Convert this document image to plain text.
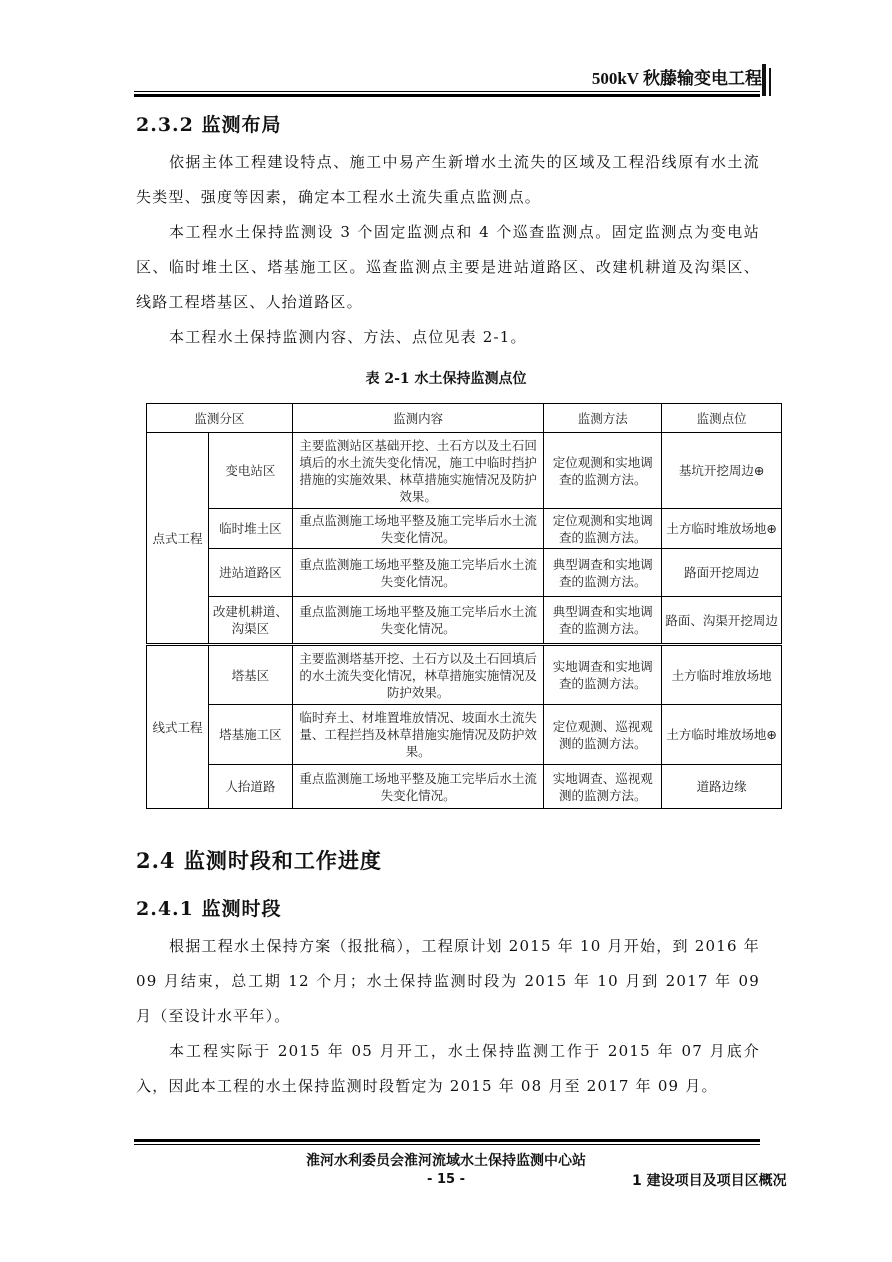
500kV 秋藤输变电工程
2.3.2 监测布局

依据主体工程建设特点、施工中易产生新增水土流失的区域及工程沿线原有水土流失类型、强度等因素，确定本工程水土流失重点监测点。

本工程水土保持监测设 3 个固定监测点和 4 个巡查监测点。固定监测点为变电站区、临时堆土区、塔基施工区。巡查监测点主要是进站道路区、改建机耕道及沟渠区、线路工程塔基区、人抬道路区。

本工程水土保持监测内容、方法、点位见表 2-1。

表 2-1 水土保持监测点位
监测分区		监测内容	监测方法	监测点位
点式工程	变电站区	主要监测站区基础开挖、土石方以及土石回填后的水土流失变化情况，施工中临时挡护措施的实施效果、林草措施实施情况及防护效果。	定位观测和实地调查的监测方法。	基坑开挖周边⊕
	临时堆土区	重点监测施工场地平整及施工完毕后水土流失变化情况。	定位观测和实地调查的监测方法。	土方临时堆放场地⊕
	进站道路区	重点监测施工场地平整及施工完毕后水土流失变化情况。	典型调查和实地调查的监测方法。	路面开挖周边
	改建机耕道、沟渠区	重点监测施工场地平整及施工完毕后水土流失变化情况。	典型调查和实地调查的监测方法。	路面、沟渠开挖周边
线式工程	塔基区	主要监测塔基开挖、土石方以及土石回填后的水土流失变化情况，林草措施实施情况及防护效果。	实地调查和实地调查的监测方法。	土方临时堆放场地
	塔基施工区	临时弃土、材堆置堆放情况、坡面水土流失量、工程拦挡及林草措施实施情况及防护效果。	定位观测、巡视观测的监测方法。	土方临时堆放场地⊕
	人抬道路	重点监测施工场地平整及施工完毕后水土流失变化情况。	实地调查、巡视观测的监测方法。	道路边缘
2.4 监测时段和工作进度
2.4.1 监测时段

根据工程水土保持方案（报批稿），工程原计划 2015 年 10 月开始，到 2016 年 09 月结束，总工期 12 个月；水土保持监测时段为 2015 年 10 月到 2017 年 09 月（至设计水平年）。

本工程实际于 2015 年 05 月开工，水土保持监测工作于 2015 年 07 月底介入，因此本工程的水土保持监测时段暂定为 2015 年 08 月至 2017 年 09 月。

淮河水利委员会淮河流域水土保持监测中心站
- 15 -	1 建设项目及项目区概况
